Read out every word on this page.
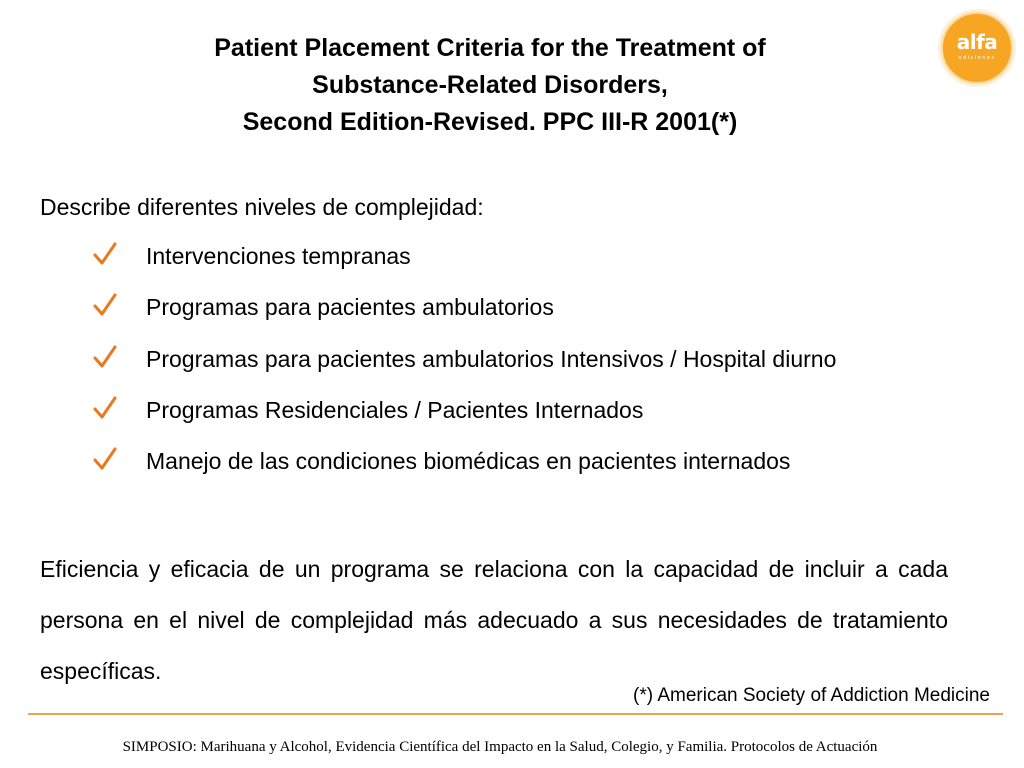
Patient Placement Criteria for the Treatment of
Substance-Related Disorders,
Second Edition-Revised. PPC III-R 2001(*)
alfa
ediciones
Describe diferentes niveles de complejidad:
Intervenciones tempranas
Programas para pacientes ambulatorios
Programas para pacientes ambulatorios Intensivos / Hospital diurno
Programas Residenciales / Pacientes Internados
Manejo de las condiciones biomédicas en pacientes internados
Eficiencia y eficacia de un programa se relaciona con la capacidad de incluir a cada persona en el nivel de complejidad más adecuado a sus necesidades de tratamiento específicas.
(*) American Society of Addiction Medicine
SIMPOSIO: Marihuana y Alcohol, Evidencia Científica del Impacto en la Salud, Colegio, y Familia. Protocolos de Actuación
